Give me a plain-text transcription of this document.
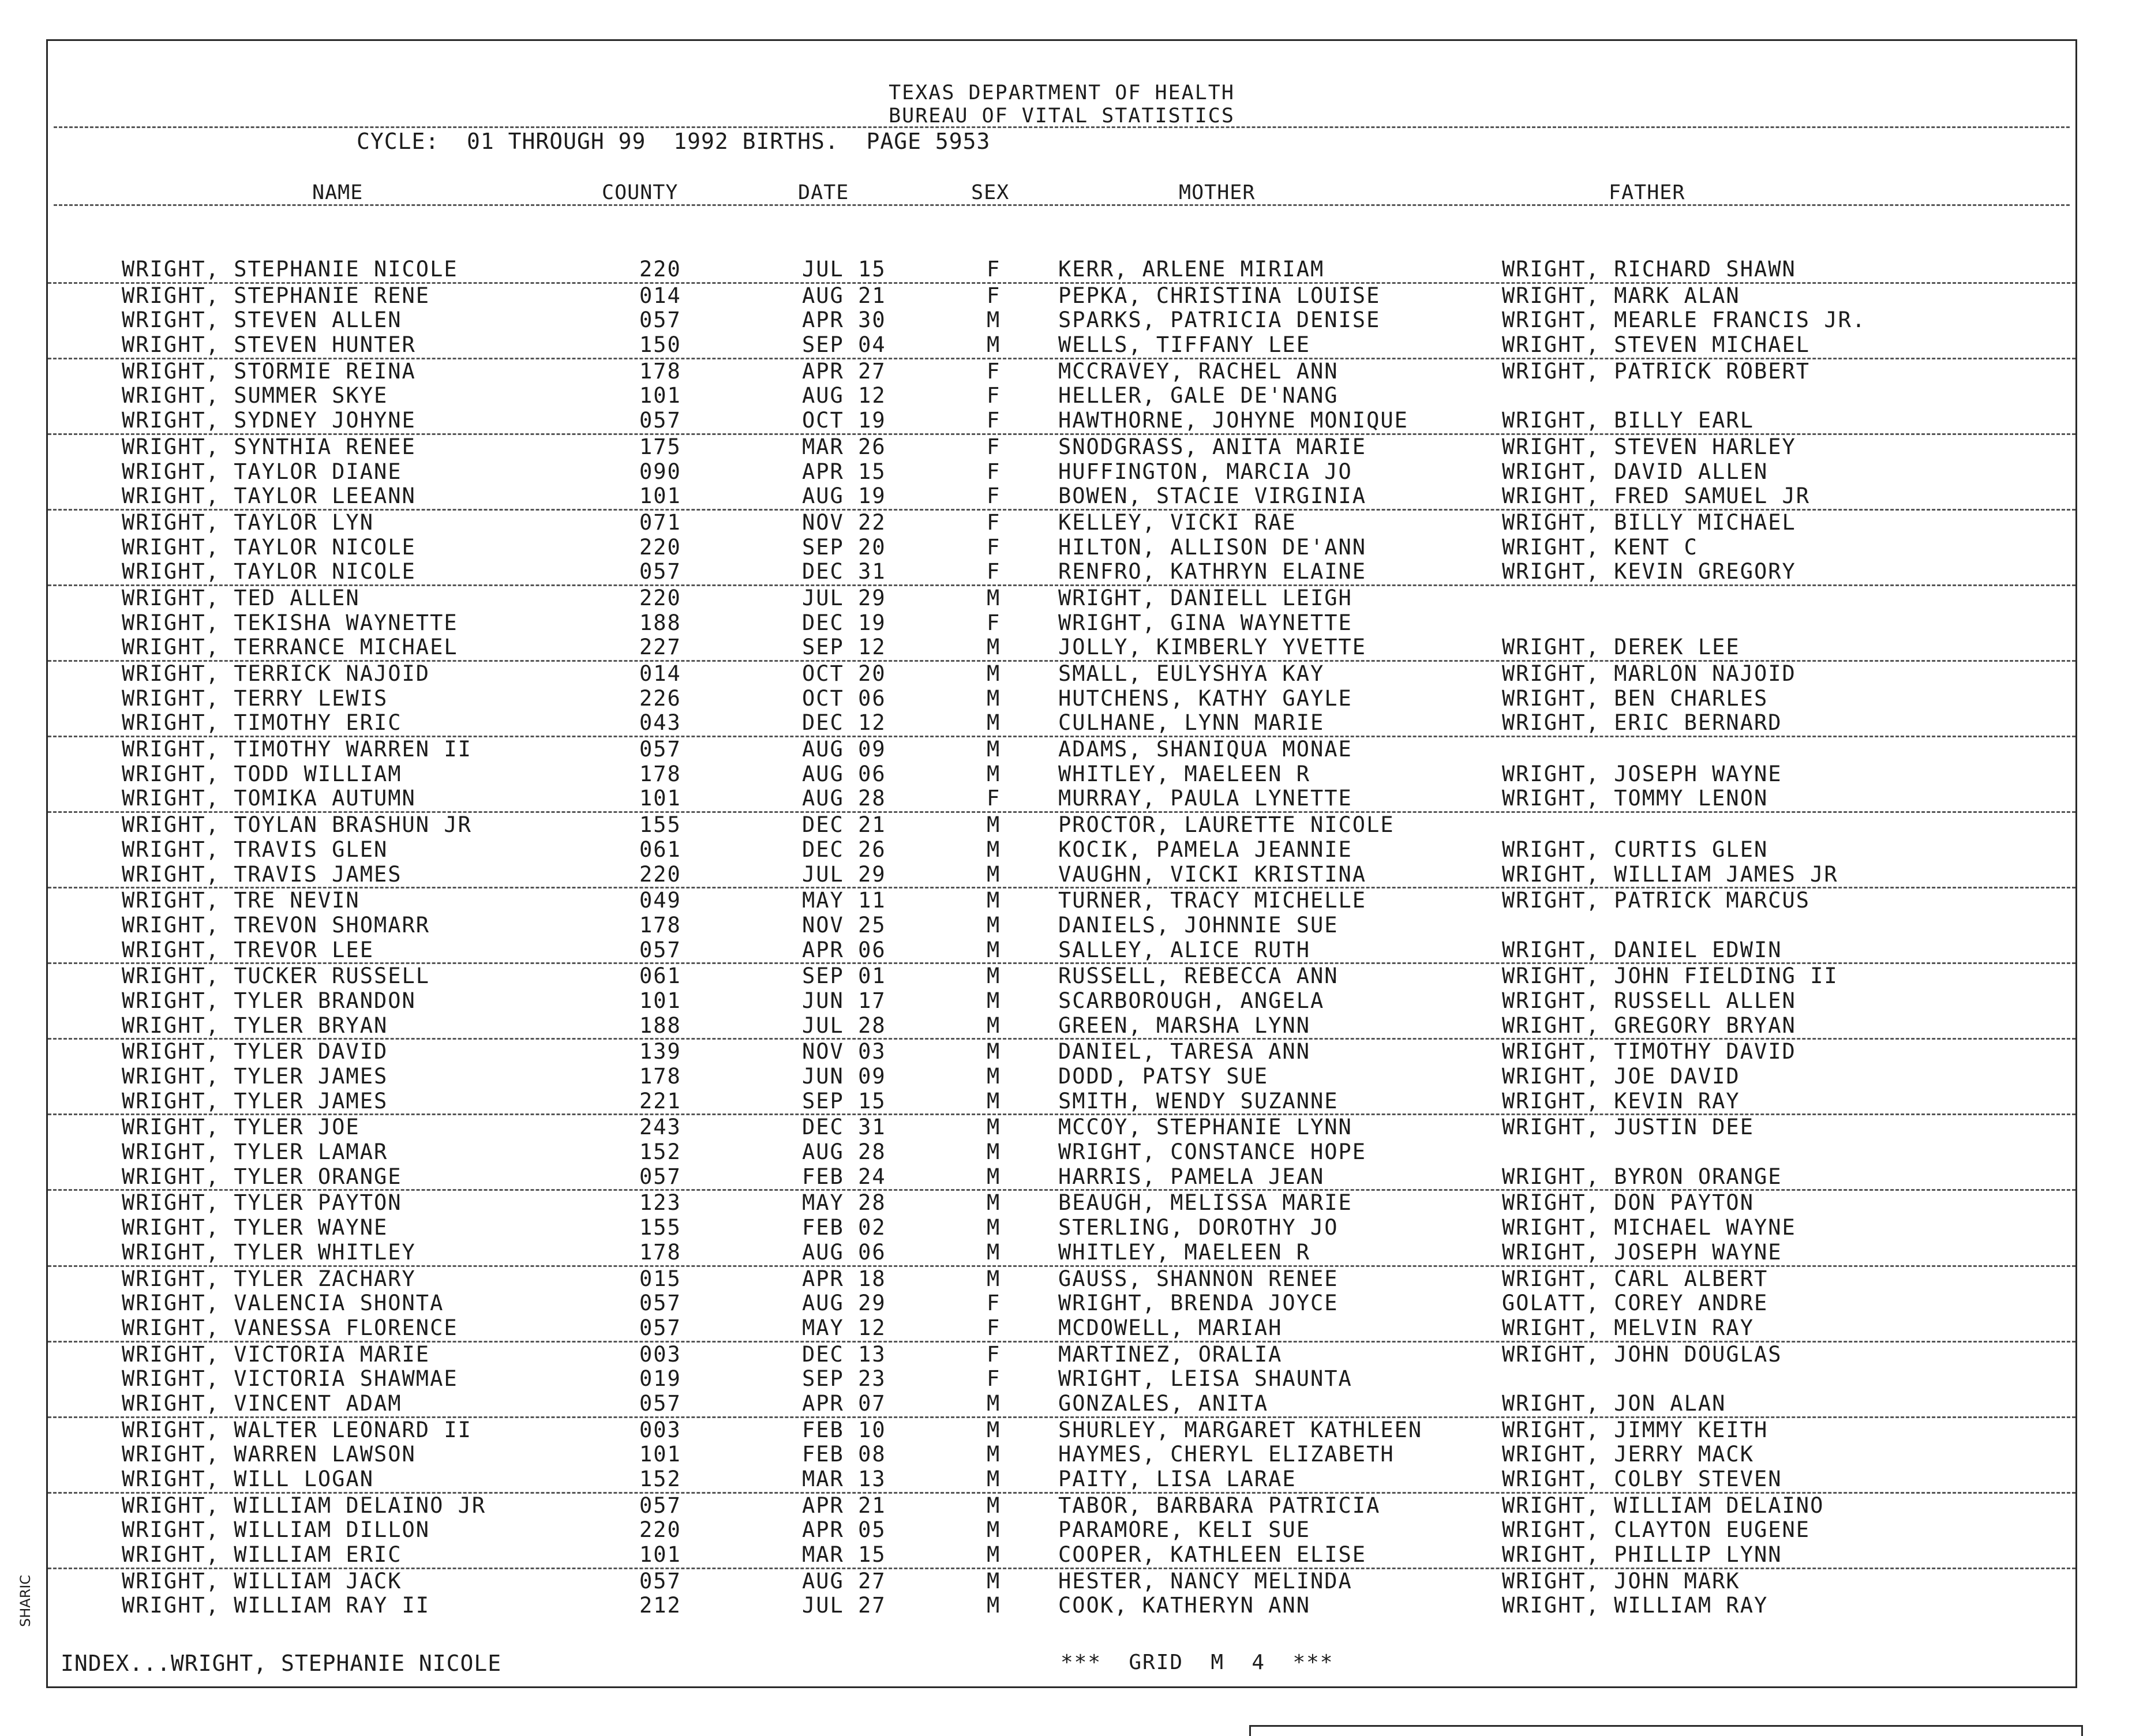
TEXAS DEPARTMENT OF HEALTH
BUREAU OF VITAL STATISTICS
CYCLE:  01 THROUGH 99  1992 BIRTHS.  PAGE 5953
NAME	COUNTY	DATE	SEX	MOTHER	FATHER
WRIGHT, STEPHANIE NICOLE	220	JUL 15	F	KERR, ARLENE MIRIAM	WRIGHT, RICHARD SHAWN
WRIGHT, STEPHANIE RENE	014	AUG 21	F	PEPKA, CHRISTINA LOUISE	WRIGHT, MARK ALAN
WRIGHT, STEVEN ALLEN	057	APR 30	M	SPARKS, PATRICIA DENISE	WRIGHT, MEARLE FRANCIS JR.
WRIGHT, STEVEN HUNTER	150	SEP 04	M	WELLS, TIFFANY LEE	WRIGHT, STEVEN MICHAEL
WRIGHT, STORMIE REINA	178	APR 27	F	MCCRAVEY, RACHEL ANN	WRIGHT, PATRICK ROBERT
WRIGHT, SUMMER SKYE	101	AUG 12	F	HELLER, GALE DE'NANG
WRIGHT, SYDNEY JOHYNE	057	OCT 19	F	HAWTHORNE, JOHYNE MONIQUE	WRIGHT, BILLY EARL
WRIGHT, SYNTHIA RENEE	175	MAR 26	F	SNODGRASS, ANITA MARIE	WRIGHT, STEVEN HARLEY
WRIGHT, TAYLOR DIANE	090	APR 15	F	HUFFINGTON, MARCIA JO	WRIGHT, DAVID ALLEN
WRIGHT, TAYLOR LEEANN	101	AUG 19	F	BOWEN, STACIE VIRGINIA	WRIGHT, FRED SAMUEL JR
WRIGHT, TAYLOR LYN	071	NOV 22	F	KELLEY, VICKI RAE	WRIGHT, BILLY MICHAEL
WRIGHT, TAYLOR NICOLE	220	SEP 20	F	HILTON, ALLISON DE'ANN	WRIGHT, KENT C
WRIGHT, TAYLOR NICOLE	057	DEC 31	F	RENFRO, KATHRYN ELAINE	WRIGHT, KEVIN GREGORY
WRIGHT, TED ALLEN	220	JUL 29	M	WRIGHT, DANIELL LEIGH
WRIGHT, TEKISHA WAYNETTE	188	DEC 19	F	WRIGHT, GINA WAYNETTE
WRIGHT, TERRANCE MICHAEL	227	SEP 12	M	JOLLY, KIMBERLY YVETTE	WRIGHT, DEREK LEE
WRIGHT, TERRICK NAJOID	014	OCT 20	M	SMALL, EULYSHYA KAY	WRIGHT, MARLON NAJOID
WRIGHT, TERRY LEWIS	226	OCT 06	M	HUTCHENS, KATHY GAYLE	WRIGHT, BEN CHARLES
WRIGHT, TIMOTHY ERIC	043	DEC 12	M	CULHANE, LYNN MARIE	WRIGHT, ERIC BERNARD
WRIGHT, TIMOTHY WARREN II	057	AUG 09	M	ADAMS, SHANIQUA MONAE
WRIGHT, TODD WILLIAM	178	AUG 06	M	WHITLEY, MAELEEN R	WRIGHT, JOSEPH WAYNE
WRIGHT, TOMIKA AUTUMN	101	AUG 28	F	MURRAY, PAULA LYNETTE	WRIGHT, TOMMY LENON
WRIGHT, TOYLAN BRASHUN JR	155	DEC 21	M	PROCTOR, LAURETTE NICOLE
WRIGHT, TRAVIS GLEN	061	DEC 26	M	KOCIK, PAMELA JEANNIE	WRIGHT, CURTIS GLEN
WRIGHT, TRAVIS JAMES	220	JUL 29	M	VAUGHN, VICKI KRISTINA	WRIGHT, WILLIAM JAMES JR
WRIGHT, TRE NEVIN	049	MAY 11	M	TURNER, TRACY MICHELLE	WRIGHT, PATRICK MARCUS
WRIGHT, TREVON SHOMARR	178	NOV 25	M	DANIELS, JOHNNIE SUE
WRIGHT, TREVOR LEE	057	APR 06	M	SALLEY, ALICE RUTH	WRIGHT, DANIEL EDWIN
WRIGHT, TUCKER RUSSELL	061	SEP 01	M	RUSSELL, REBECCA ANN	WRIGHT, JOHN FIELDING II
WRIGHT, TYLER BRANDON	101	JUN 17	M	SCARBOROUGH, ANGELA	WRIGHT, RUSSELL ALLEN
WRIGHT, TYLER BRYAN	188	JUL 28	M	GREEN, MARSHA LYNN	WRIGHT, GREGORY BRYAN
WRIGHT, TYLER DAVID	139	NOV 03	M	DANIEL, TARESA ANN	WRIGHT, TIMOTHY DAVID
WRIGHT, TYLER JAMES	178	JUN 09	M	DODD, PATSY SUE	WRIGHT, JOE DAVID
WRIGHT, TYLER JAMES	221	SEP 15	M	SMITH, WENDY SUZANNE	WRIGHT, KEVIN RAY
WRIGHT, TYLER JOE	243	DEC 31	M	MCCOY, STEPHANIE LYNN	WRIGHT, JUSTIN DEE
WRIGHT, TYLER LAMAR	152	AUG 28	M	WRIGHT, CONSTANCE HOPE
WRIGHT, TYLER ORANGE	057	FEB 24	M	HARRIS, PAMELA JEAN	WRIGHT, BYRON ORANGE
WRIGHT, TYLER PAYTON	123	MAY 28	M	BEAUGH, MELISSA MARIE	WRIGHT, DON PAYTON
WRIGHT, TYLER WAYNE	155	FEB 02	M	STERLING, DOROTHY JO	WRIGHT, MICHAEL WAYNE
WRIGHT, TYLER WHITLEY	178	AUG 06	M	WHITLEY, MAELEEN R	WRIGHT, JOSEPH WAYNE
WRIGHT, TYLER ZACHARY	015	APR 18	M	GAUSS, SHANNON RENEE	WRIGHT, CARL ALBERT
WRIGHT, VALENCIA SHONTA	057	AUG 29	F	WRIGHT, BRENDA JOYCE	GOLATT, COREY ANDRE
WRIGHT, VANESSA FLORENCE	057	MAY 12	F	MCDOWELL, MARIAH	WRIGHT, MELVIN RAY
WRIGHT, VICTORIA MARIE	003	DEC 13	F	MARTINEZ, ORALIA	WRIGHT, JOHN DOUGLAS
WRIGHT, VICTORIA SHAWMAE	019	SEP 23	F	WRIGHT, LEISA SHAUNTA
WRIGHT, VINCENT ADAM	057	APR 07	M	GONZALES, ANITA	WRIGHT, JON ALAN
WRIGHT, WALTER LEONARD II	003	FEB 10	M	SHURLEY, MARGARET KATHLEEN	WRIGHT, JIMMY KEITH
WRIGHT, WARREN LAWSON	101	FEB 08	M	HAYMES, CHERYL ELIZABETH	WRIGHT, JERRY MACK
WRIGHT, WILL LOGAN	152	MAR 13	M	PAITY, LISA LARAE	WRIGHT, COLBY STEVEN
WRIGHT, WILLIAM DELAINO JR	057	APR 21	M	TABOR, BARBARA PATRICIA	WRIGHT, WILLIAM DELAINO
WRIGHT, WILLIAM DILLON	220	APR 05	M	PARAMORE, KELI SUE	WRIGHT, CLAYTON EUGENE
WRIGHT, WILLIAM ERIC	101	MAR 15	M	COOPER, KATHLEEN ELISE	WRIGHT, PHILLIP LYNN
WRIGHT, WILLIAM JACK	057	AUG 27	M	HESTER, NANCY MELINDA	WRIGHT, JOHN MARK
WRIGHT, WILLIAM RAY II	212	JUL 27	M	COOK, KATHERYN ANN	WRIGHT, WILLIAM RAY
INDEX...WRIGHT, STEPHANIE NICOLE	***  GRID  M  4  ***
SHARIC
